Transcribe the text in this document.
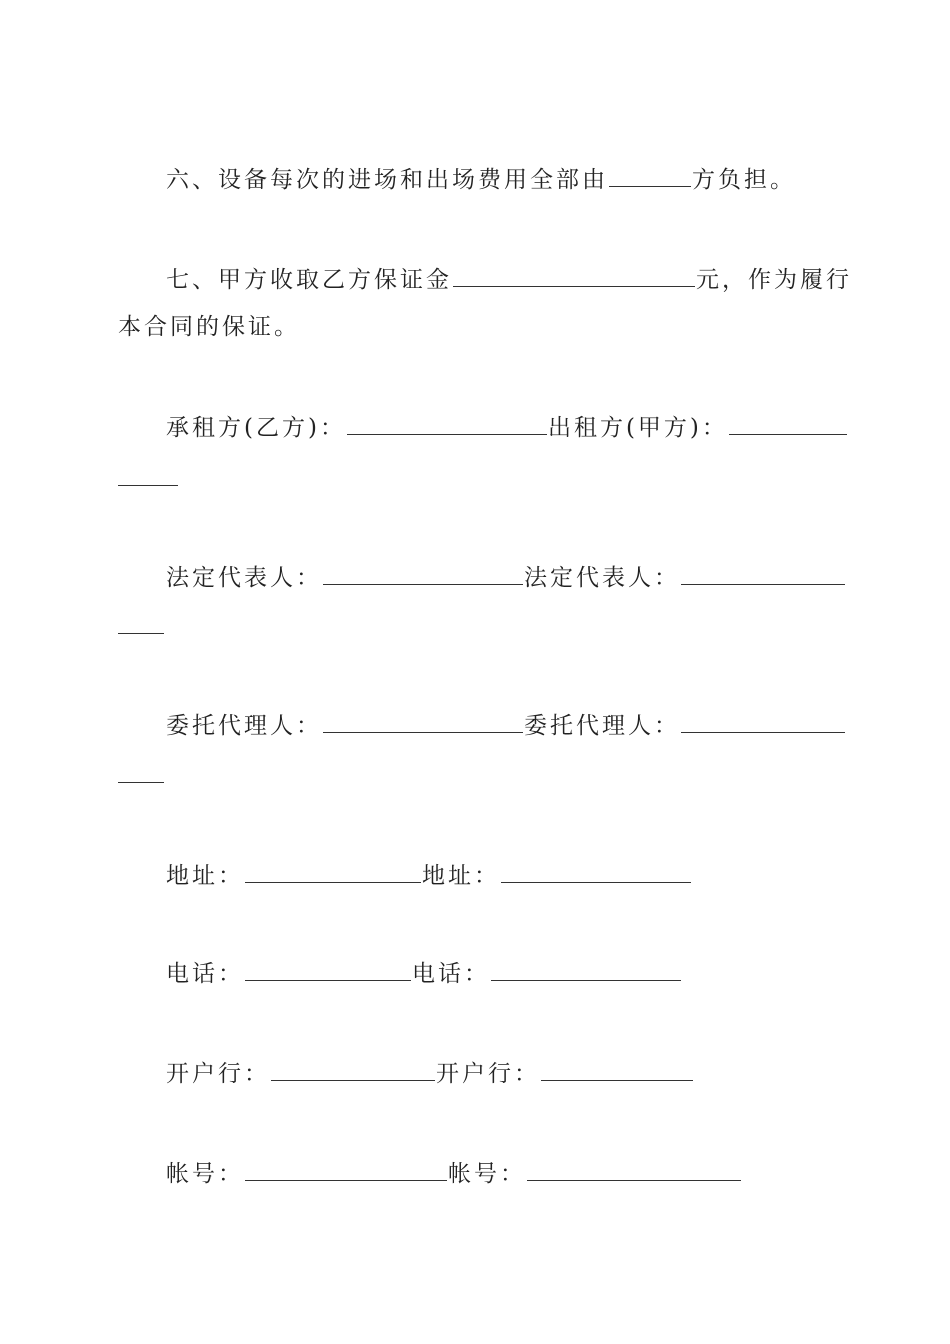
六、设备每次的进场和出场费用全部由	方负担。
七、甲方收取乙方保证金	元，作为履行
本合同的保证。
承租方(乙方)：	出租方(甲方)：
法定代表人：	法定代表人：
委托代理人：	委托代理人：
地址：	地址：
电话：	电话：
开户行：	开户行：
帐号：	帐号：
